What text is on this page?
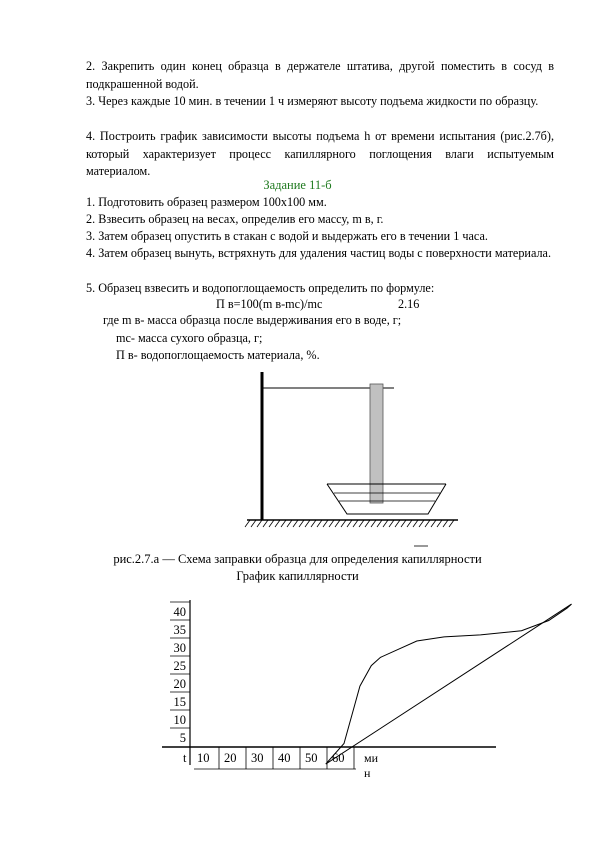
2. Закрепить один конец образца в держателе штатива, другой поместить в сосуд в подкрашенной водой.

3. Через каждые 10 мин. в течении 1 ч измеряют высоту подъема жидкости по образцу.

4. Построить график зависимости высоты подъема h от времени испытания (рис.2.7б), который характеризует процесс капиллярного поглощения влаги испытуемым материалом.

Задание 11-б

1. Подготовить образец размером 100х100 мм.

2. Взвесить образец на весах, определив его массу, m в, г.

3. Затем образец опустить в стакан с водой и выдержать его в течении 1 часа.

4. Затем образец вынуть, встряхнуть для удаления частиц воды с поверхности материала.

5. Образец взвесить и водопоглощаемость определить по формуле:

П в=100(m в-mс)/mс	2.16

где m в- масса образца после выдерживания его в воде, г;

mс- масса сухого образца, г;

П в- водопоглощаемость материала, %.

рис.2.7.а — Схема заправки образца для определения капиллярности

График капиллярности

40
35
30
25
20
15
10
5
t 10 20 30 40 50 60 ми
н
